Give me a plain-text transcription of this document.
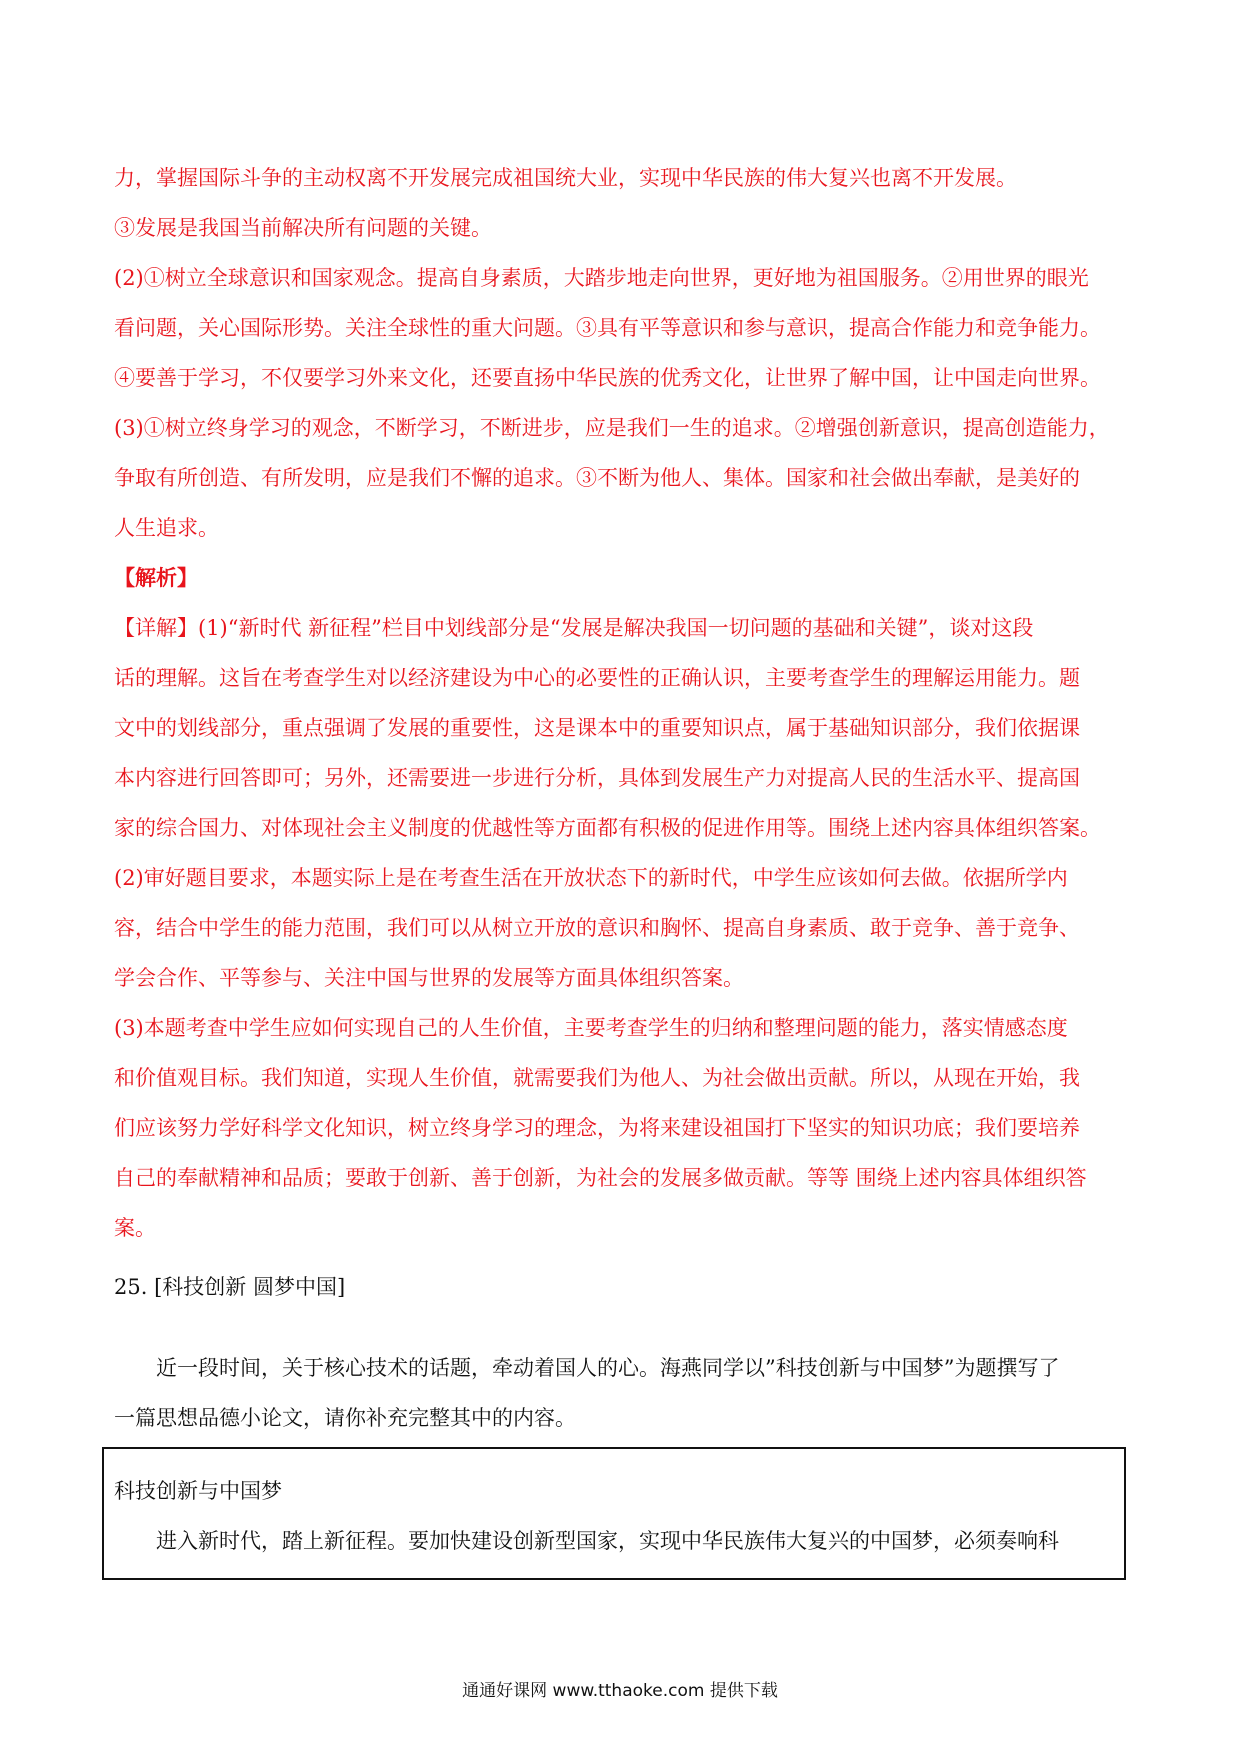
力，掌握国际斗争的主动权离不开发展完成祖国统大业，实现中华民族的伟大复兴也离不开发展。

③发展是我国当前解决所有问题的关键。

(2)①树立全球意识和国家观念。提高自身素质，大踏步地走向世界，更好地为祖国服务。②用世界的眼光

看问题，关心国际形势。关注全球性的重大问题。③具有平等意识和参与意识，提高合作能力和竞争能力。

④要善于学习，不仅要学习外来文化，还要直扬中华民族的优秀文化，让世界了解中国，让中国走向世界。

(3)①树立终身学习的观念，不断学习，不断进步，应是我们一生的追求。②增强创新意识，提高创造能力，

争取有所创造、有所发明，应是我们不懈的追求。③不断为他人、集体。国家和社会做出奉献，是美好的

人生追求。

【解析】

【详解】(1)“新时代 新征程”栏目中划线部分是“发展是解决我国一切问题的基础和关键”，谈对这段

话的理解。这旨在考查学生对以经济建设为中心的必要性的正确认识，主要考查学生的理解运用能力。题

文中的划线部分，重点强调了发展的重要性，这是课本中的重要知识点，属于基础知识部分，我们依据课

本内容进行回答即可；另外，还需要进一步进行分析，具体到发展生产力对提高人民的生活水平、提高国

家的综合国力、对体现社会主义制度的优越性等方面都有积极的促进作用等。围绕上述内容具体组织答案。

(2)审好题目要求，本题实际上是在考查生活在开放状态下的新时代，中学生应该如何去做。依据所学内

容，结合中学生的能力范围，我们可以从树立开放的意识和胸怀、提高自身素质、敢于竞争、善于竞争、

学会合作、平等参与、关注中国与世界的发展等方面具体组织答案。

(3)本题考查中学生应如何实现自己的人生价值，主要考查学生的归纳和整理问题的能力，落实情感态度

和价值观目标。我们知道，实现人生价值，就需要我们为他人、为社会做出贡献。所以，从现在开始，我

们应该努力学好科学文化知识，树立终身学习的理念，为将来建设祖国打下坚实的知识功底；我们要培养

自己的奉献精神和品质；要敢于创新、善于创新，为社会的发展多做贡献。等等 围绕上述内容具体组织答

案。

25. [科技创新 圆梦中国]

近一段时间，关于核心技术的话题，牵动着国人的心。海燕同学以”科技创新与中国梦”为题撰写了

一篇思想品德小论文，请你补充完整其中的内容。

科技创新与中国梦
进入新时代，踏上新征程。要加快建设创新型国家，实现中华民族伟大复兴的中国梦，必须奏响科
通通好课网 www.tthaoke.com 提供下载
